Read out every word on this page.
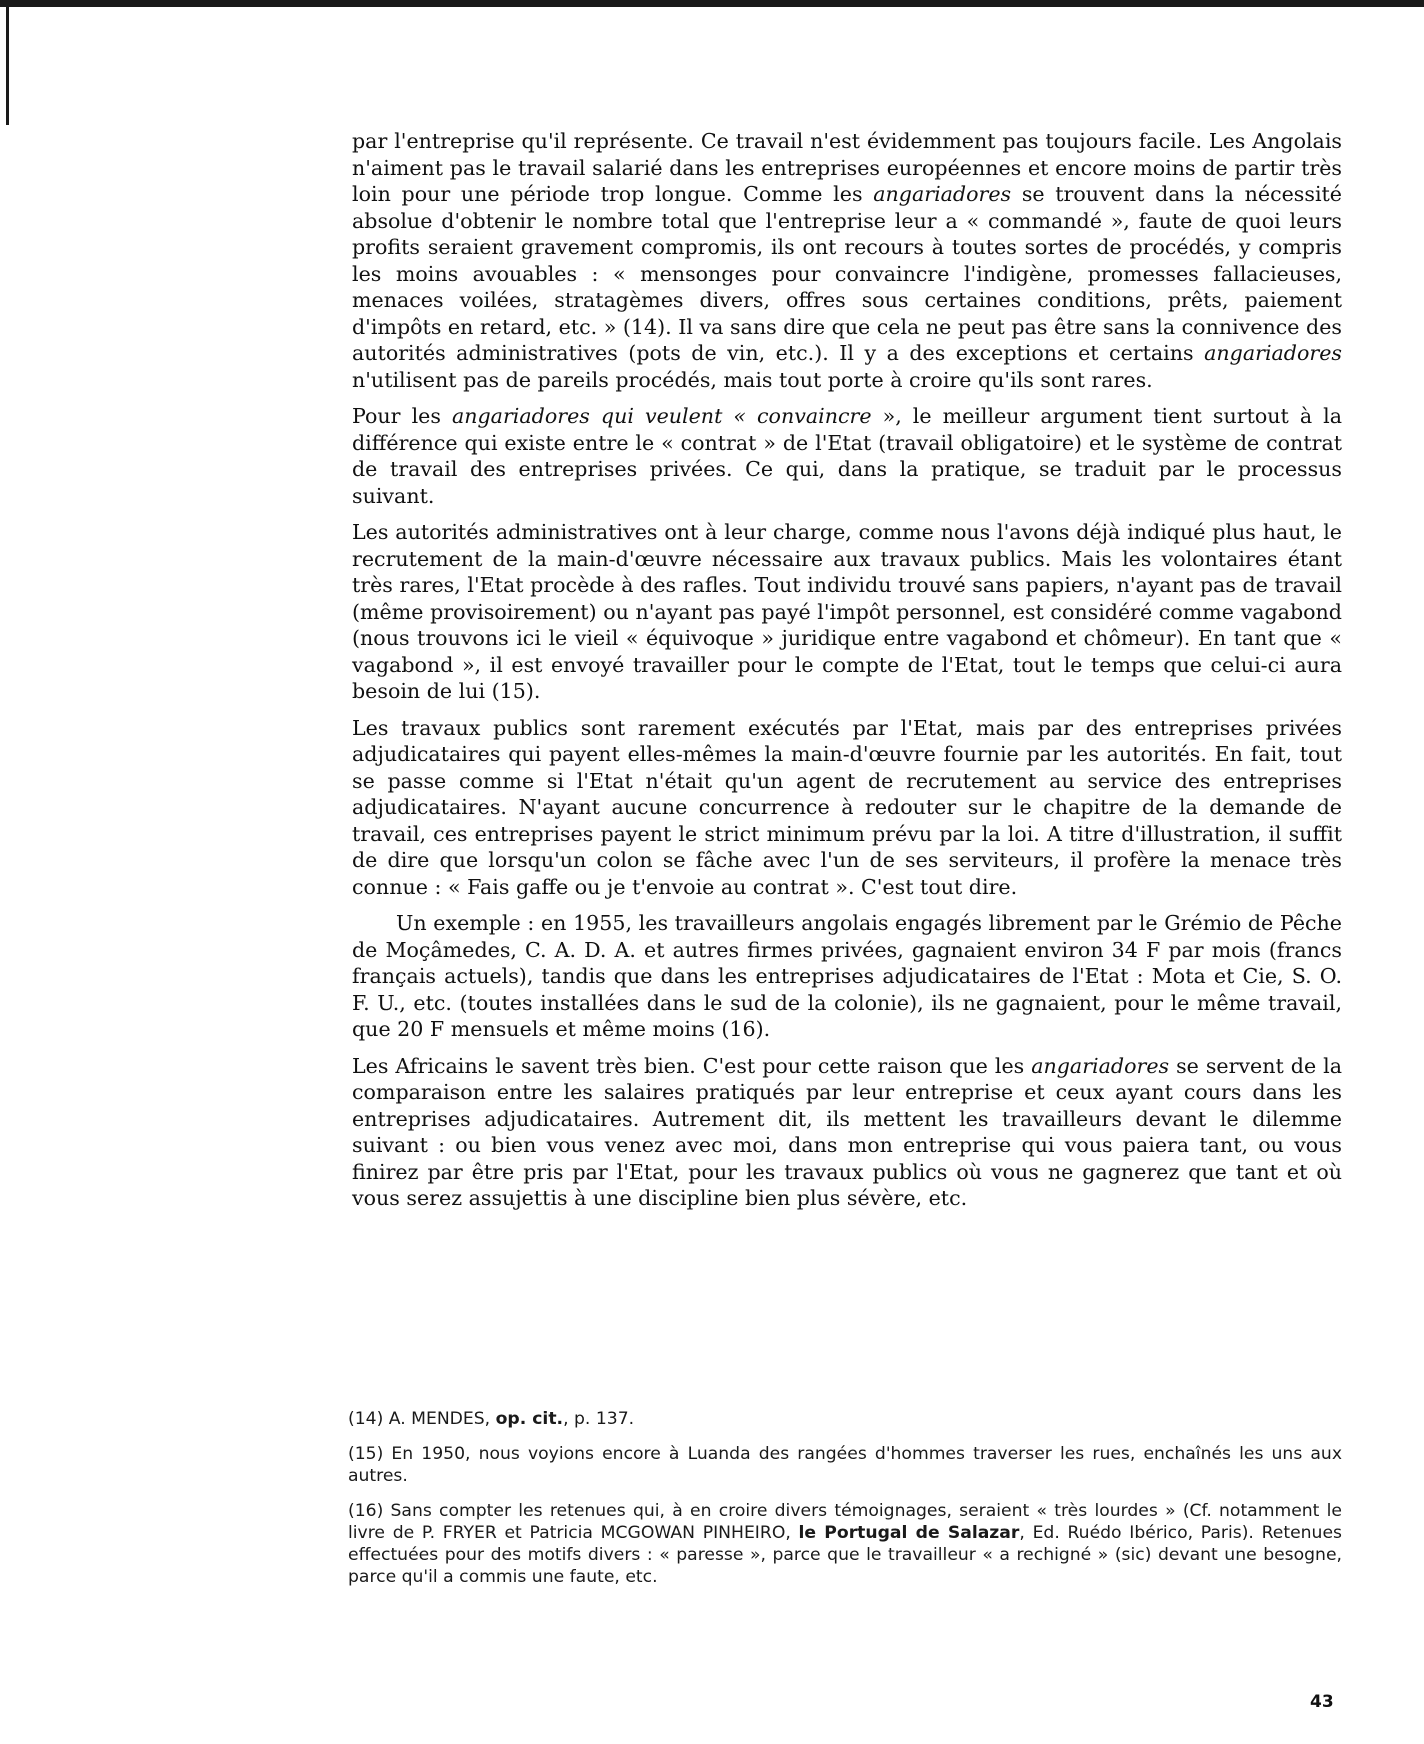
par l'entreprise qu'il représente. Ce travail n'est évidemment pas toujours facile. Les Angolais n'aiment pas le travail salarié dans les entreprises européennes et encore moins de partir très loin pour une période trop longue. Comme les angariadores se trouvent dans la nécessité absolue d'obtenir le nombre total que l'entreprise leur a « commandé », faute de quoi leurs profits seraient gravement compromis, ils ont recours à toutes sortes de procédés, y compris les moins avouables : « mensonges pour convaincre l'indigène, promesses fallacieuses, menaces voilées, stratagèmes divers, offres sous certaines conditions, prêts, paiement d'impôts en retard, etc. » (14). Il va sans dire que cela ne peut pas être sans la connivence des autorités administratives (pots de vin, etc.). Il y a des exceptions et certains angariadores n'utilisent pas de pareils procédés, mais tout porte à croire qu'ils sont rares.

Pour les angariadores qui veulent « convaincre », le meilleur argument tient surtout à la différence qui existe entre le « contrat » de l'Etat (travail obligatoire) et le système de contrat de travail des entreprises privées. Ce qui, dans la pratique, se traduit par le processus suivant.

Les autorités administratives ont à leur charge, comme nous l'avons déjà indiqué plus haut, le recrutement de la main-d'œuvre nécessaire aux travaux publics. Mais les volontaires étant très rares, l'Etat procède à des rafles. Tout individu trouvé sans papiers, n'ayant pas de travail (même provisoirement) ou n'ayant pas payé l'impôt personnel, est considéré comme vagabond (nous trouvons ici le vieil « équivoque » juridique entre vagabond et chômeur). En tant que « vagabond », il est envoyé travailler pour le compte de l'Etat, tout le temps que celui-ci aura besoin de lui (15).

Les travaux publics sont rarement exécutés par l'Etat, mais par des entreprises privées adjudicataires qui payent elles-mêmes la main-d'œuvre fournie par les autorités. En fait, tout se passe comme si l'Etat n'était qu'un agent de recrutement au service des entreprises adjudicataires. N'ayant aucune concurrence à redouter sur le chapitre de la demande de travail, ces entreprises payent le strict minimum prévu par la loi. A titre d'illustration, il suffit de dire que lorsqu'un colon se fâche avec l'un de ses serviteurs, il profère la menace très connue : « Fais gaffe ou je t'envoie au contrat ». C'est tout dire.

Un exemple : en 1955, les travailleurs angolais engagés librement par le Grémio de Pêche de Moçâmedes, C. A. D. A. et autres firmes privées, gagnaient environ 34 F par mois (francs français actuels), tandis que dans les entreprises adjudicataires de l'Etat : Mota et Cie, S. O. F. U., etc. (toutes installées dans le sud de la colonie), ils ne gagnaient, pour le même travail, que 20 F mensuels et même moins (16).

Les Africains le savent très bien. C'est pour cette raison que les angariadores se servent de la comparaison entre les salaires pratiqués par leur entreprise et ceux ayant cours dans les entreprises adjudicataires. Autrement dit, ils mettent les travailleurs devant le dilemme suivant : ou bien vous venez avec moi, dans mon entreprise qui vous paiera tant, ou vous finirez par être pris par l'Etat, pour les travaux publics où vous ne gagnerez que tant et où vous serez assujettis à une discipline bien plus sévère, etc.

(14) A. MENDES, op. cit., p. 137.

(15) En 1950, nous voyions encore à Luanda des rangées d'hommes traverser les rues, enchaînés les uns aux autres.

(16) Sans compter les retenues qui, à en croire divers témoignages, seraient « très lourdes » (Cf. notamment le livre de P. FRYER et Patricia MCGOWAN PINHEIRO, le Portugal de Salazar, Ed. Ruédo Ibérico, Paris). Retenues effectuées pour des motifs divers : « paresse », parce que le travailleur « a rechigné » (sic) devant une besogne, parce qu'il a commis une faute, etc.

43
